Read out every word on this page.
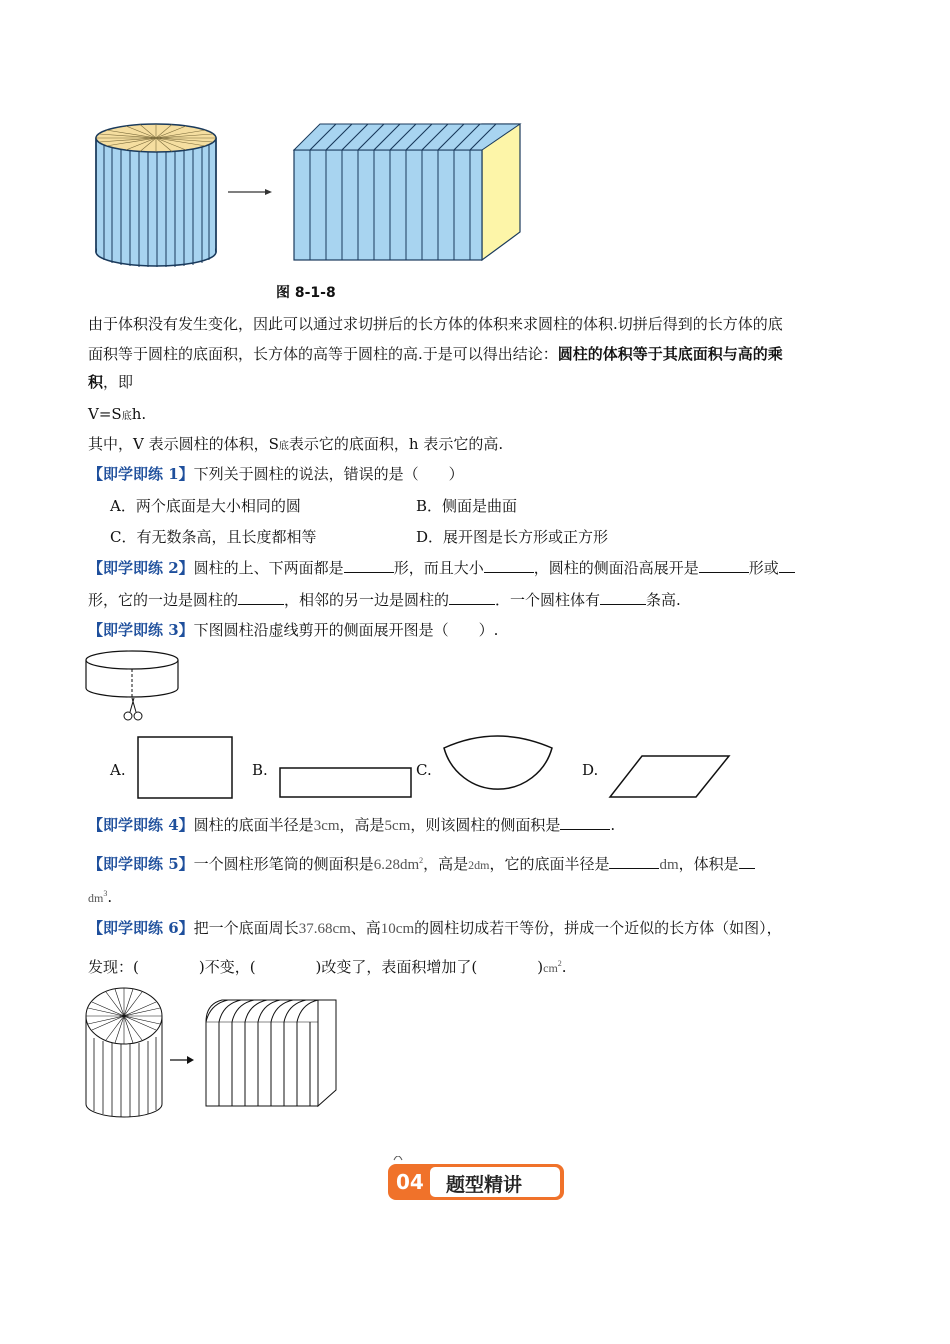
图 8-1-8
由于体积没有发生变化，因此可以通过求切拼后的长方体的体积来求圆柱的体积.切拼后得到的长方体的底
面积等于圆柱的底面积，长方体的高等于圆柱的高.于是可以得出结论：圆柱的体积等于其底面积与高的乘
积，即
V=S底h.
其中，V 表示圆柱的体积，S底表示它的底面积，h 表示它的高.
【即学即练 1】下列关于圆柱的说法，错误的是（　　）
A．两个底面是大小相同的圆	B．侧面是曲面
C．有无数条高，且长度都相等	D．展开图是长方形或正方形
【即学即练 2】圆柱的上、下两面都是	形，而且大小	，圆柱的侧面沿高展开是	形或
形，它的一边是圆柱的	，相邻的另一边是圆柱的	．一个圆柱体有	条高.
【即学即练 3】下图圆柱沿虚线剪开的侧面展开图是（　　）.
A.	B.	C.	D.
【即学即练 4】圆柱的底面半径是3cm，高是5cm，则该圆柱的侧面积是	.
【即学即练 5】一个圆柱形笔筒的侧面积是$6.28dm^2$，高是2dm，它的底面半径是	dm，体积是
$dm^3$.
【即学即练 6】把一个底面周长37.68cm、高10cm的圆柱切成若干等份，拼成一个近似的长方体（如图），
发现：(　　　　)不变，(　　　　)改变了，表面积增加了(　　　　)$cm^2$.
04 题型精讲
